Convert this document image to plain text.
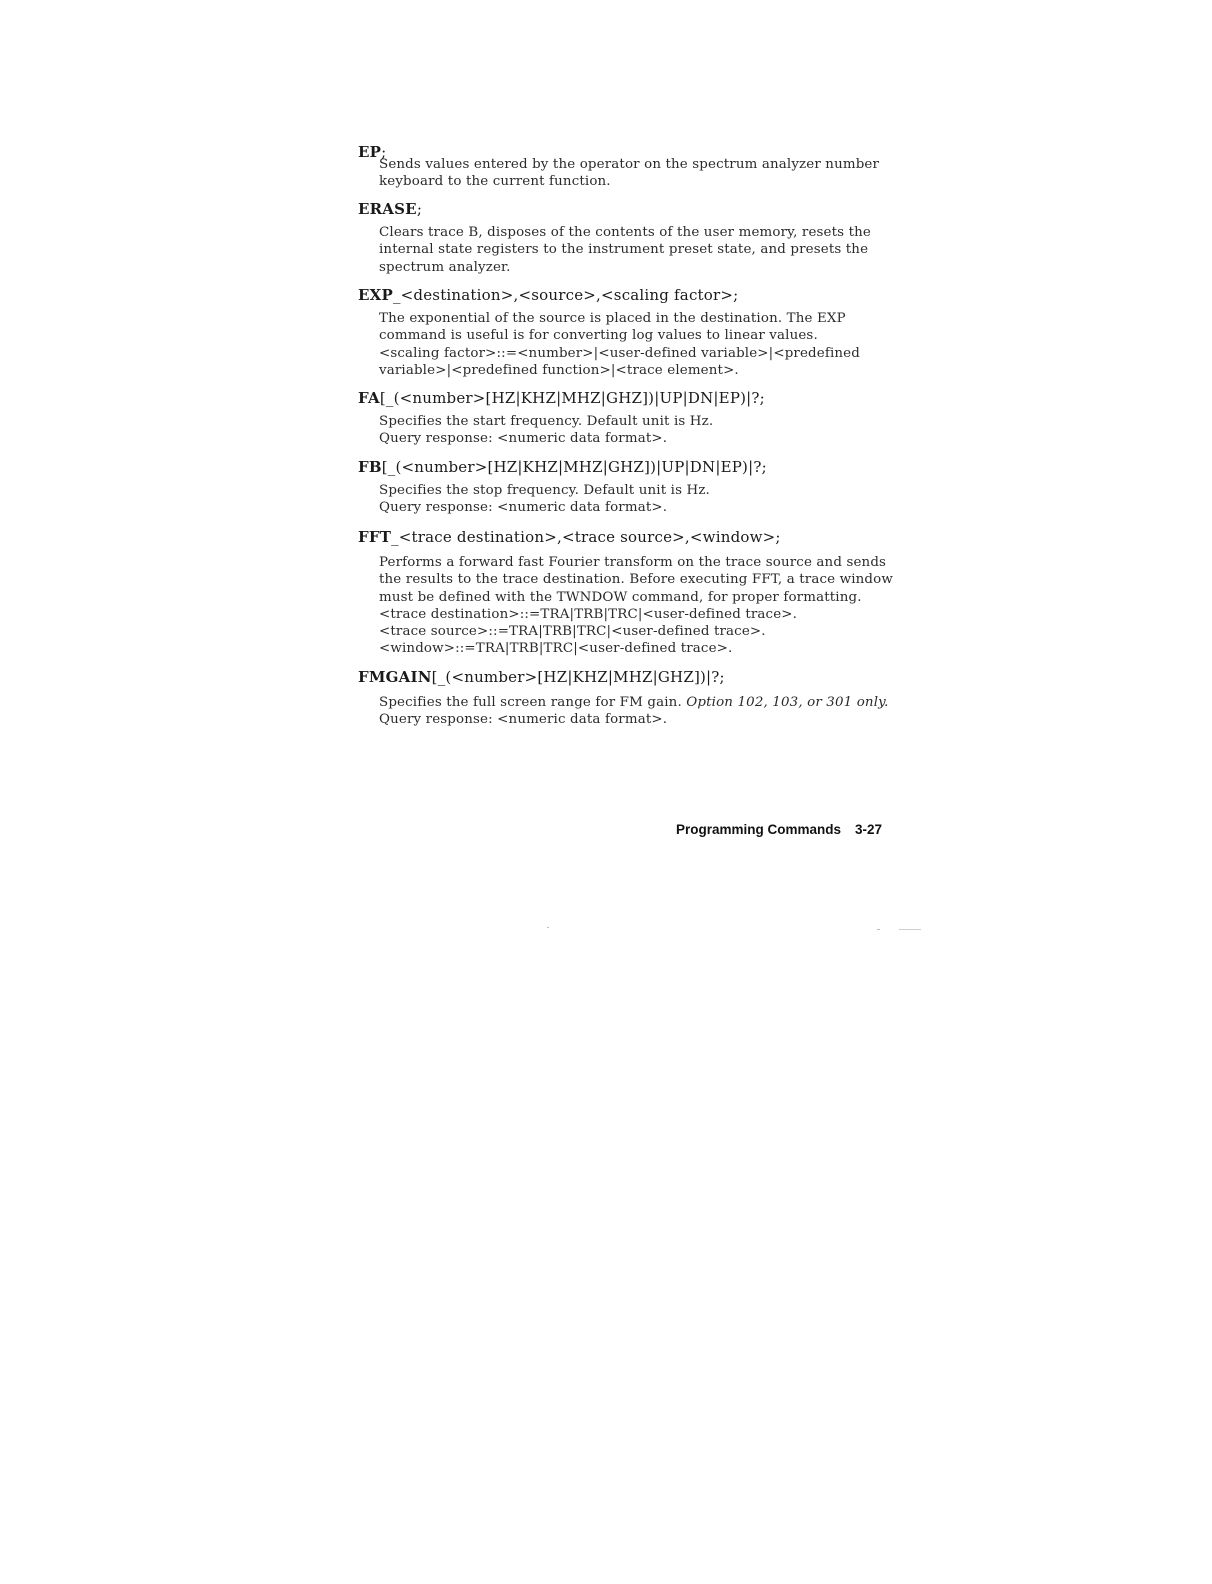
EP;
Sends values entered by the operator on the spectrum analyzer number
keyboard to the current function.
ERASE;
Clears trace B, disposes of the contents of the user memory, resets the
internal state registers to the instrument preset state, and presets the
spectrum analyzer.
EXP_<destination>,<source>,<scaling factor>;
The exponential of the source is placed in the destination. The EXP
command is useful is for converting log values to linear values.
<scaling factor>::=<number>|<user-defined variable>|<predefined
variable>|<predefined function>|<trace element>.
FA[_(<number>[HZ|KHZ|MHZ|GHZ])|UP|DN|EP)|?;
Specifies the start frequency. Default unit is Hz.
Query response: <numeric data format>.
FB[_(<number>[HZ|KHZ|MHZ|GHZ])|UP|DN|EP)|?;
Specifies the stop frequency. Default unit is Hz.
Query response: <numeric data format>.
FFT_<trace destination>,<trace source>,<window>;
Performs a forward fast Fourier transform on the trace source and sends
the results to the trace destination. Before executing FFT, a trace window
must be defined with the TWNDOW command, for proper formatting.
<trace destination>::=TRA|TRB|TRC|<user-defined trace>.
<trace source>::=TRA|TRB|TRC|<user-defined trace>.
<window>::=TRA|TRB|TRC|<user-defined trace>.
FMGAIN[_(<number>[HZ|KHZ|MHZ|GHZ])|?;
Specifies the full screen range for FM gain. Option 102, 103, or 301 only.
Query response: <numeric data format>.
Programming Commands 3-27
